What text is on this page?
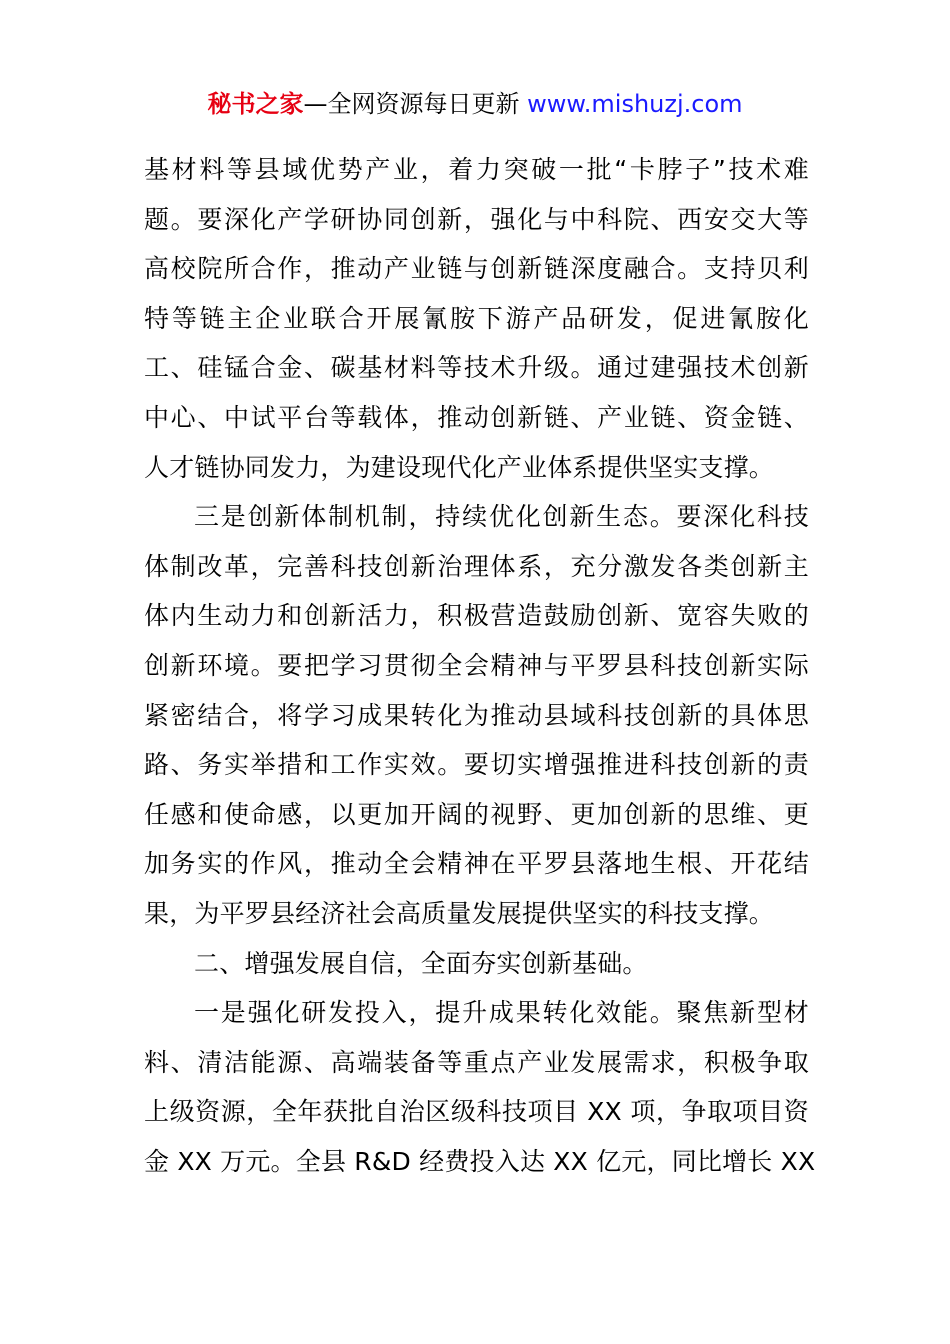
秘书之家—全网资源每日更新 www.mishuzj.com
基材料等县域优势产业，着力突破一批“卡脖子”技术难
题。要深化产学研协同创新，强化与中科院、西安交大等
高校院所合作，推动产业链与创新链深度融合。支持贝利
特等链主企业联合开展氰胺下游产品研发，促进氰胺化
工、硅锰合金、碳基材料等技术升级。通过建强技术创新
中心、中试平台等载体，推动创新链、产业链、资金链、
人才链协同发力，为建设现代化产业体系提供坚实支撑。
三是创新体制机制，持续优化创新生态。要深化科技
体制改革，完善科技创新治理体系，充分激发各类创新主
体内生动力和创新活力，积极营造鼓励创新、宽容失败的
创新环境。要把学习贯彻全会精神与平罗县科技创新实际
紧密结合，将学习成果转化为推动县域科技创新的具体思
路、务实举措和工作实效。要切实增强推进科技创新的责
任感和使命感，以更加开阔的视野、更加创新的思维、更
加务实的作风，推动全会精神在平罗县落地生根、开花结
果，为平罗县经济社会高质量发展提供坚实的科技支撑。
二、增强发展自信，全面夯实创新基础。
一是强化研发投入，提升成果转化效能。聚焦新型材
料、清洁能源、高端装备等重点产业发展需求，积极争取
上级资源，全年获批自治区级科技项目 XX 项，争取项目资
金 XX 万元。全县 R&D 经费投入达 XX 亿元，同比增长 XX
